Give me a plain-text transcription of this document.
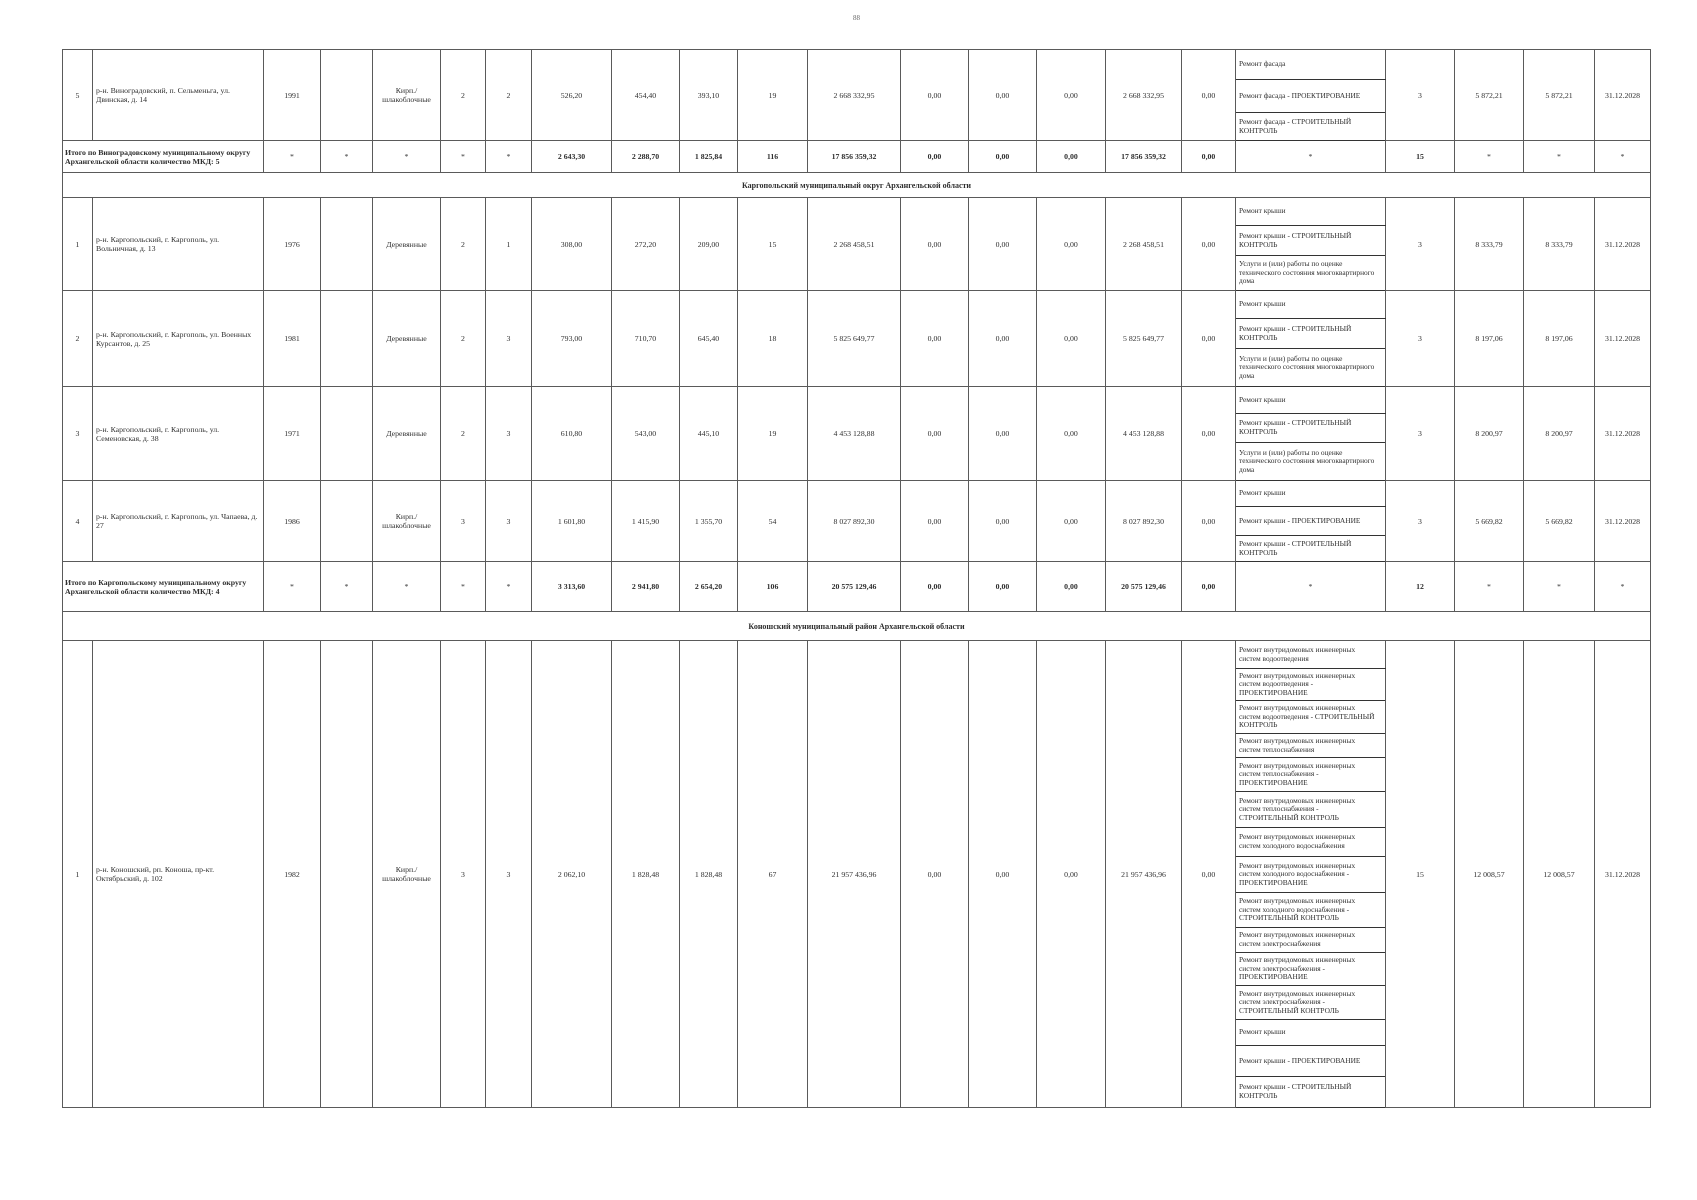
88
5	р-н. Виноградовский, п. Сельменьга, ул. Двинская, д. 14	1991		Кирп./шлакоблочные	2	2	526,20	454,40	393,10	19	2 668 332,95	0,00	0,00	0,00	2 668 332,95	0,00	Ремонт фасада	3	5 872,21	5 872,21	31.12.2028
																	Ремонт фасада - ПРОЕКТИРОВАНИЕ				
																	Ремонт фасада - СТРОИТЕЛЬНЫЙ КОНТРОЛЬ				
Итого по Виноградовскому муниципальному округу Архангельской области количество МКД: 5		*	*	*	*	*	2 643,30	2 288,70	1 825,84	116	17 856 359,32	0,00	0,00	0,00	17 856 359,32	0,00	*	15	*	*	*
Каргопольский муниципальный округ Архангельской области																					
1	р-н. Каргопольский, г. Каргополь, ул. Вольничная, д. 13	1976		Деревянные	2	1	308,00	272,20	209,00	15	2 268 458,51	0,00	0,00	0,00	2 268 458,51	0,00	Ремонт крыши	3	8 333,79	8 333,79	31.12.2028
																	Ремонт крыши - СТРОИТЕЛЬНЫЙ КОНТРОЛЬ				
																	Услуги и (или) работы по оценке технического состояния многоквартирного дома				
2	р-н. Каргопольский, г. Каргополь, ул. Военных Курсантов, д. 25	1981		Деревянные	2	3	793,00	710,70	645,40	18	5 825 649,77	0,00	0,00	0,00	5 825 649,77	0,00	Ремонт крыши	3	8 197,06	8 197,06	31.12.2028
																	Ремонт крыши - СТРОИТЕЛЬНЫЙ КОНТРОЛЬ				
																	Услуги и (или) работы по оценке технического состояния многоквартирного дома				
3	р-н. Каргопольский, г. Каргополь, ул. Семеновская, д. 38	1971		Деревянные	2	3	610,80	543,00	445,10	19	4 453 128,88	0,00	0,00	0,00	4 453 128,88	0,00	Ремонт крыши	3	8 200,97	8 200,97	31.12.2028
																	Ремонт крыши - СТРОИТЕЛЬНЫЙ КОНТРОЛЬ				
																	Услуги и (или) работы по оценке технического состояния многоквартирного дома				
4	р-н. Каргопольский, г. Каргополь, ул. Чапаева, д. 27	1986		Кирп./шлакоблочные	3	3	1 601,80	1 415,90	1 355,70	54	8 027 892,30	0,00	0,00	0,00	8 027 892,30	0,00	Ремонт крыши	3	5 669,82	5 669,82	31.12.2028
																	Ремонт крыши - ПРОЕКТИРОВАНИЕ				
																	Ремонт крыши - СТРОИТЕЛЬНЫЙ КОНТРОЛЬ				
Итого по Каргопольскому муниципальному округу Архангельской области количество МКД: 4		*	*	*	*	*	3 313,60	2 941,80	2 654,20	106	20 575 129,46	0,00	0,00	0,00	20 575 129,46	0,00	*	12	*	*	*
Коношский муниципальный район Архангельской области																					
1	р-н. Коношский, рп. Коноша, пр-кт. Октябрьский, д. 102	1982		Кирп./шлакоблочные	3	3	2 062,10	1 828,48	1 828,48	67	21 957 436,96	0,00	0,00	0,00	21 957 436,96	0,00	Ремонт внутридомовых инженерных систем водоотведения	15	12 008,57	12 008,57	31.12.2028
																	Ремонт внутридомовых инженерных систем водоотведения - ПРОЕКТИРОВАНИЕ				
																	Ремонт внутридомовых инженерных систем водоотведения - СТРОИТЕЛЬНЫЙ КОНТРОЛЬ				
																	Ремонт внутридомовых инженерных систем теплоснабжения				
																	Ремонт внутридомовых инженерных систем теплоснабжения - ПРОЕКТИРОВАНИЕ				
																	Ремонт внутридомовых инженерных систем теплоснабжения - СТРОИТЕЛЬНЫЙ КОНТРОЛЬ				
																	Ремонт внутридомовых инженерных систем холодного водоснабжения				
																	Ремонт внутридомовых инженерных систем холодного водоснабжения - ПРОЕКТИРОВАНИЕ				
																	Ремонт внутридомовых инженерных систем холодного водоснабжения - СТРОИТЕЛЬНЫЙ КОНТРОЛЬ				
																	Ремонт внутридомовых инженерных систем электроснабжения				
																	Ремонт внутридомовых инженерных систем электроснабжения - ПРОЕКТИРОВАНИЕ				
																	Ремонт внутридомовых инженерных систем электроснабжения - СТРОИТЕЛЬНЫЙ КОНТРОЛЬ				
																	Ремонт крыши				
																	Ремонт крыши - ПРОЕКТИРОВАНИЕ				
																	Ремонт крыши - СТРОИТЕЛЬНЫЙ КОНТРОЛЬ				
